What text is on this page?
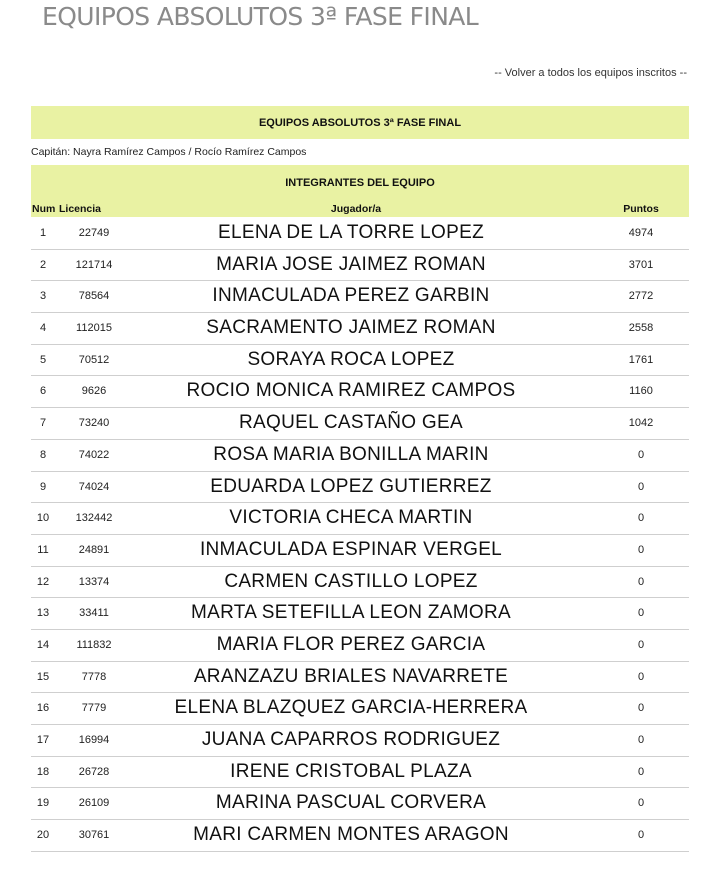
EQUIPOS ABSOLUTOS 3ª FASE FINAL
-- Volver a todos los equipos inscritos --
EQUIPOS ABSOLUTOS 3ª FASE FINAL
Capitán: Nayra Ramírez Campos / Rocío Ramírez Campos
INTEGRANTES DEL EQUIPO
Num Licencia	Jugador/a	Puntos
1	22749	ELENA DE LA TORRE LOPEZ	4974
2	121714	MARIA JOSE JAIMEZ ROMAN	3701
3	78564	INMACULADA PEREZ GARBIN	2772
4	112015	SACRAMENTO JAIMEZ ROMAN	2558
5	70512	SORAYA ROCA LOPEZ	1761
6	9626	ROCIO MONICA RAMIREZ CAMPOS	1160
7	73240	RAQUEL CASTAÑO GEA	1042
8	74022	ROSA MARIA BONILLA MARIN	0
9	74024	EDUARDA LOPEZ GUTIERREZ	0
10	132442	VICTORIA CHECA MARTIN	0
11	24891	INMACULADA ESPINAR VERGEL	0
12	13374	CARMEN CASTILLO LOPEZ	0
13	33411	MARTA SETEFILLA LEON ZAMORA	0
14	111832	MARIA FLOR PEREZ GARCIA	0
15	7778	ARANZAZU BRIALES NAVARRETE	0
16	7779	ELENA BLAZQUEZ GARCIA-HERRERA	0
17	16994	JUANA CAPARROS RODRIGUEZ	0
18	26728	IRENE CRISTOBAL PLAZA	0
19	26109	MARINA PASCUAL CORVERA	0
20	30761	MARI CARMEN MONTES ARAGON	0
